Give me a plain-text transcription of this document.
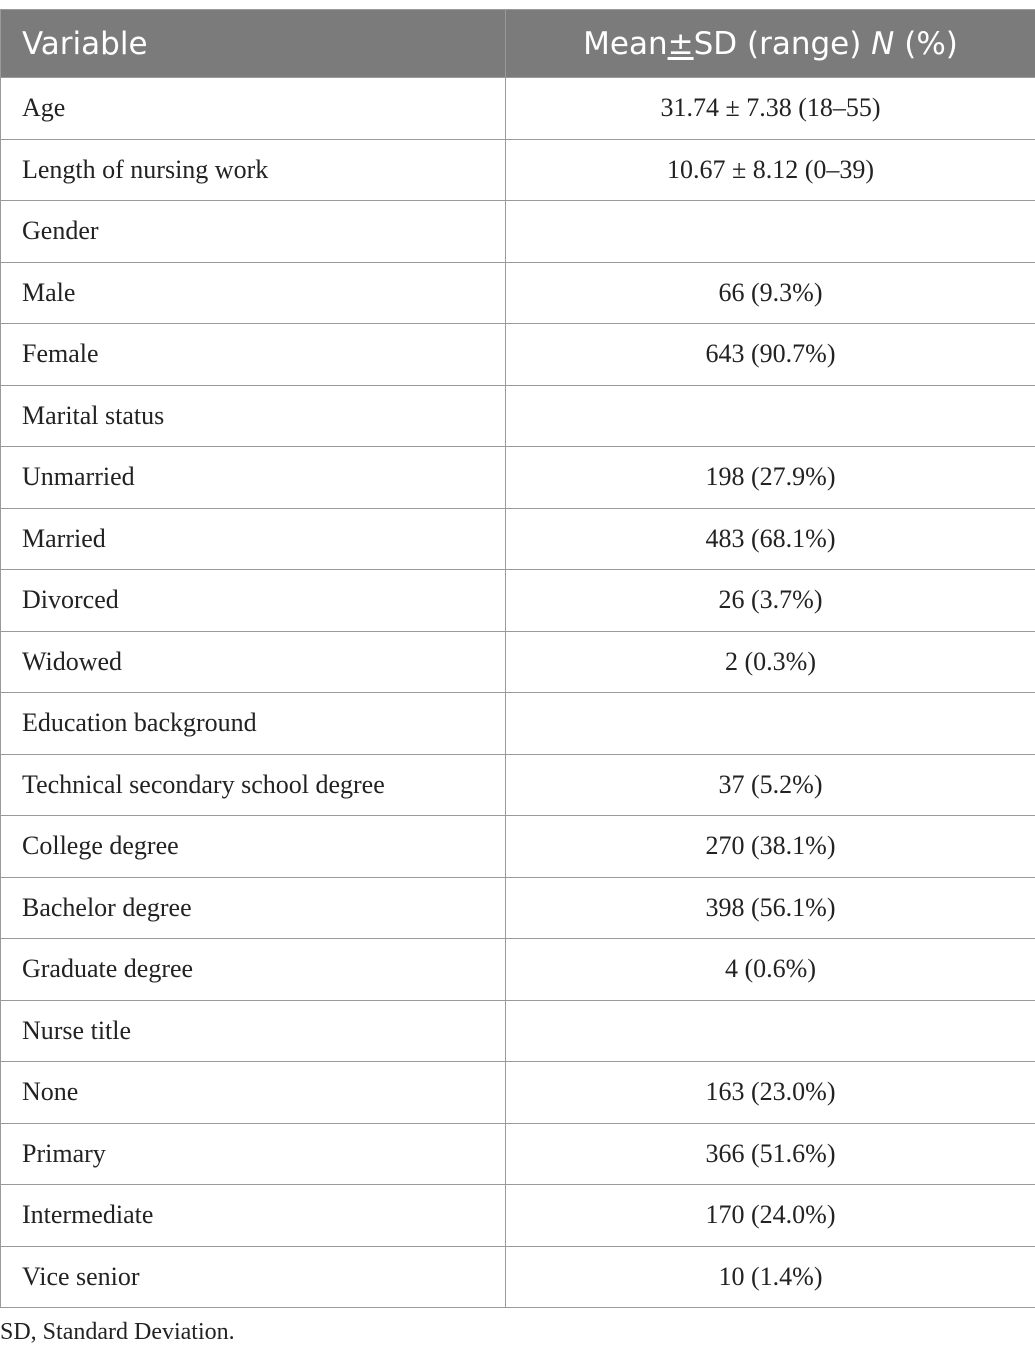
Variable	Mean±SD (range) N (%)
Age	31.74 ± 7.38 (18–55)
Length of nursing work	10.67 ± 8.12 (0–39)
Gender	
Male	66 (9.3%)
Female	643 (90.7%)
Marital status	
Unmarried	198 (27.9%)
Married	483 (68.1%)
Divorced	26 (3.7%)
Widowed	2 (0.3%)
Education background	
Technical secondary school degree	37 (5.2%)
College degree	270 (38.1%)
Bachelor degree	398 (56.1%)
Graduate degree	4 (0.6%)
Nurse title	
None	163 (23.0%)
Primary	366 (51.6%)
Intermediate	170 (24.0%)
Vice senior	10 (1.4%)
SD, Standard Deviation.
